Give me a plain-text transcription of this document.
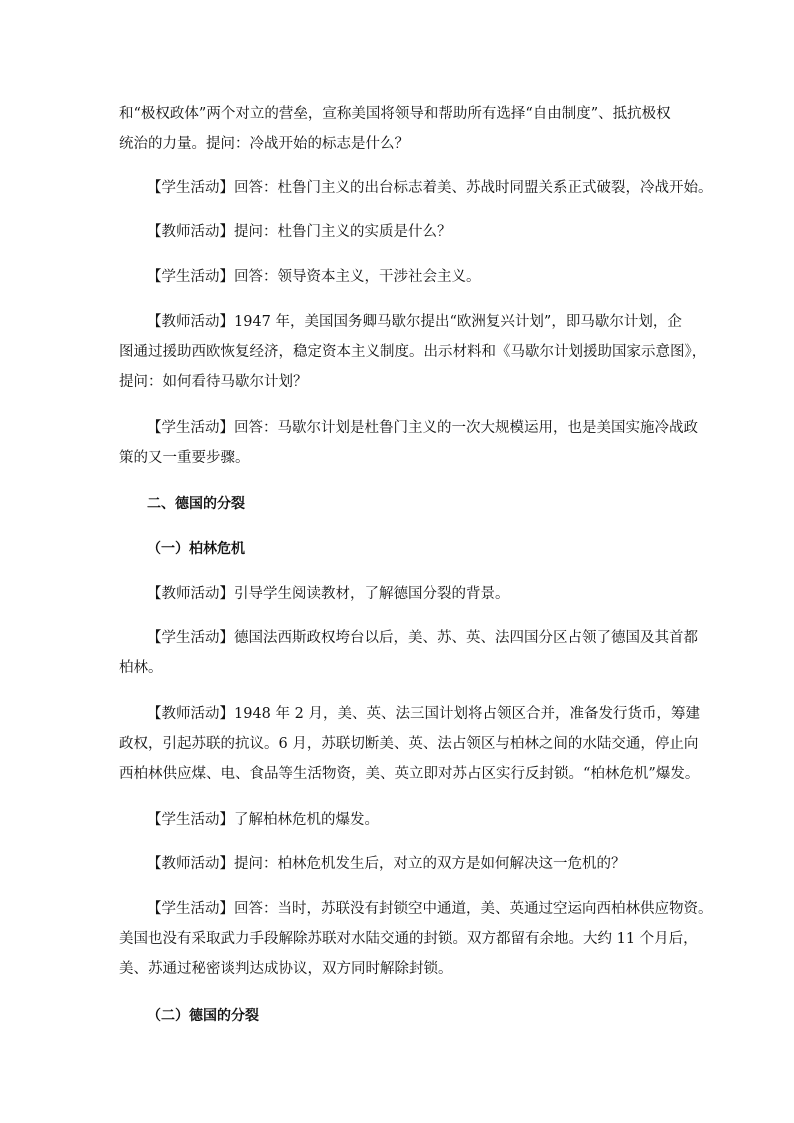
和“极权政体”两个对立的营垒，宣称美国将领导和帮助所有选择“自由制度”、抵抗极权
统治的力量。提问：冷战开始的标志是什么？
【学生活动】回答：杜鲁门主义的出台标志着美、苏战时同盟关系正式破裂，冷战开始。
【教师活动】提问：杜鲁门主义的实质是什么？
【学生活动】回答：领导资本主义，干涉社会主义。
【教师活动】1947 年，美国国务卿马歇尔提出“欧洲复兴计划”，即马歇尔计划，企
图通过援助西欧恢复经济，稳定资本主义制度。出示材料和《马歇尔计划援助国家示意图》，
提问：如何看待马歇尔计划？
【学生活动】回答：马歇尔计划是杜鲁门主义的一次大规模运用，也是美国实施冷战政
策的又一重要步骤。
二、德国的分裂
（一）柏林危机
【教师活动】引导学生阅读教材，了解德国分裂的背景。
【学生活动】德国法西斯政权垮台以后，美、苏、英、法四国分区占领了德国及其首都
柏林。
【教师活动】1948 年 2 月，美、英、法三国计划将占领区合并，准备发行货币，筹建
政权，引起苏联的抗议。6 月，苏联切断美、英、法占领区与柏林之间的水陆交通，停止向
西柏林供应煤、电、食品等生活物资，美、英立即对苏占区实行反封锁。“柏林危机”爆发。
【学生活动】了解柏林危机的爆发。
【教师活动】提问：柏林危机发生后，对立的双方是如何解决这一危机的？
【学生活动】回答：当时，苏联没有封锁空中通道，美、英通过空运向西柏林供应物资。
美国也没有采取武力手段解除苏联对水陆交通的封锁。双方都留有余地。大约 11 个月后，
美、苏通过秘密谈判达成协议，双方同时解除封锁。
（二）德国的分裂
